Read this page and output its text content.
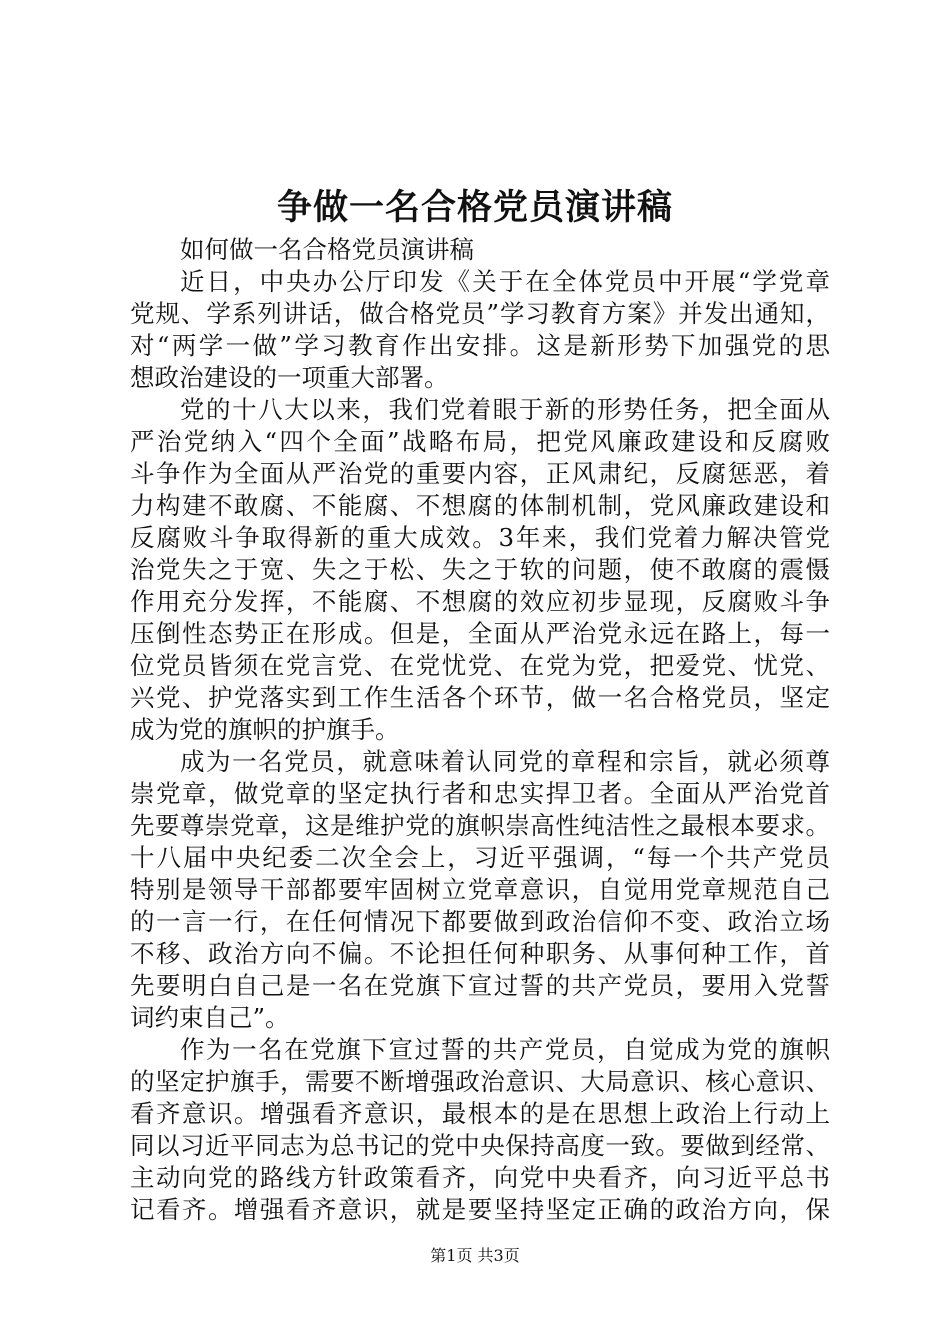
争做一名合格党员演讲稿
如何做一名合格党员演讲稿
近日，中央办公厅印发《关于在全体党员中开展“学党章
党规、学系列讲话，做合格党员”学习教育方案》并发出通知，
对“两学一做”学习教育作出安排。这是新形势下加强党的思
想政治建设的一项重大部署。
党的十八大以来，我们党着眼于新的形势任务，把全面从
严治党纳入“四个全面”战略布局，把党风廉政建设和反腐败
斗争作为全面从严治党的重要内容，正风肃纪，反腐惩恶，着
力构建不敢腐、不能腐、不想腐的体制机制，党风廉政建设和
反腐败斗争取得新的重大成效。3年来，我们党着力解决管党
治党失之于宽、失之于松、失之于软的问题，使不敢腐的震慑
作用充分发挥，不能腐、不想腐的效应初步显现，反腐败斗争
压倒性态势正在形成。但是，全面从严治党永远在路上，每一
位党员皆须在党言党、在党忧党、在党为党，把爱党、忧党、
兴党、护党落实到工作生活各个环节，做一名合格党员，坚定
成为党的旗帜的护旗手。
成为一名党员，就意味着认同党的章程和宗旨，就必须尊
崇党章，做党章的坚定执行者和忠实捍卫者。全面从严治党首
先要尊崇党章，这是维护党的旗帜崇高性纯洁性之最根本要求。
十八届中央纪委二次全会上，习近平强调，“每一个共产党员
特别是领导干部都要牢固树立党章意识，自觉用党章规范自己
的一言一行，在任何情况下都要做到政治信仰不变、政治立场
不移、政治方向不偏。不论担任何种职务、从事何种工作，首
先要明白自己是一名在党旗下宣过誓的共产党员，要用入党誓
词约束自己”。
作为一名在党旗下宣过誓的共产党员，自觉成为党的旗帜
的坚定护旗手，需要不断增强政治意识、大局意识、核心意识、
看齐意识。增强看齐意识，最根本的是在思想上政治上行动上
同以习近平同志为总书记的党中央保持高度一致。要做到经常、
主动向党的路线方针政策看齐，向党中央看齐，向习近平总书
记看齐。增强看齐意识，就是要坚持坚定正确的政治方向，保
第1页 共3页
